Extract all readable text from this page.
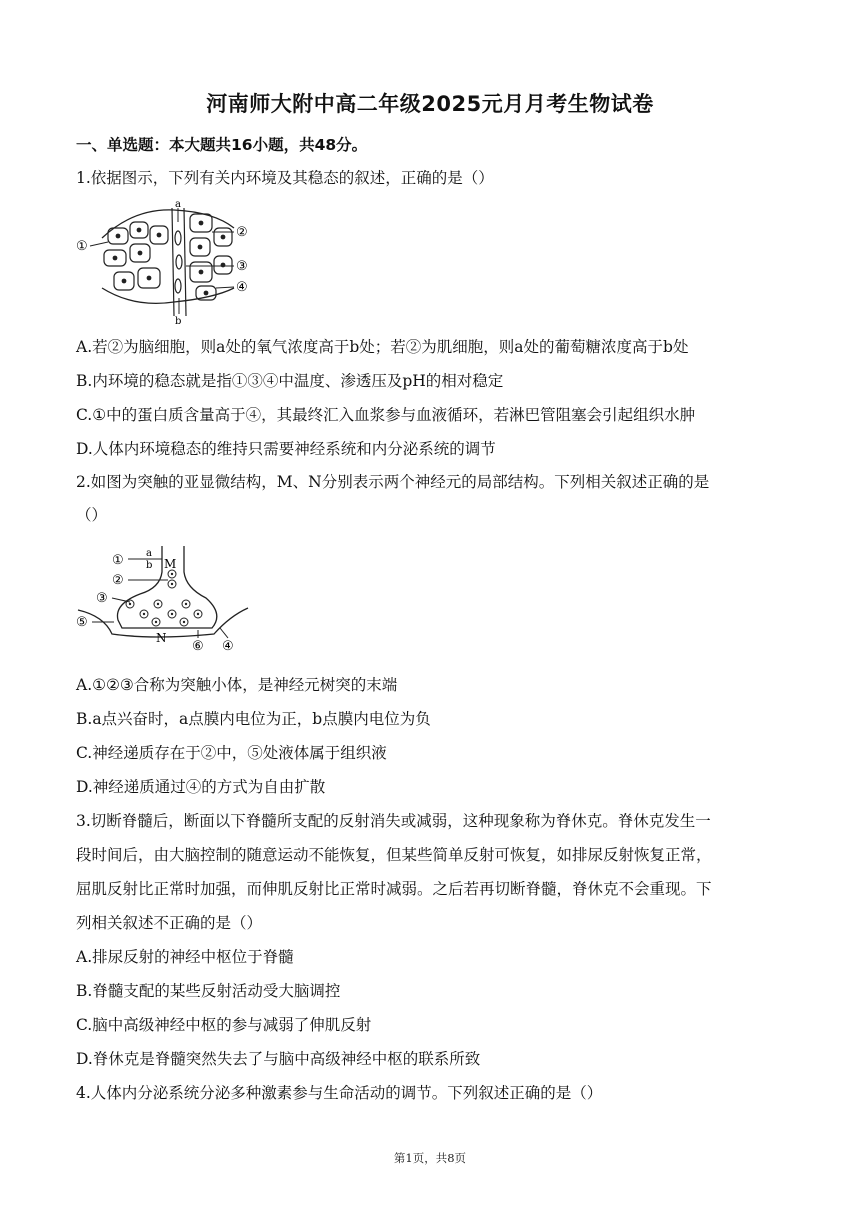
河南师大附中高二年级2025元月月考生物试卷
一、单选题：本大题共16小题，共48分。
1.依据图示，下列有关内环境及其稳态的叙述，正确的是（）
①
②
③
④
a
b
A.若②为脑细胞，则a处的氧气浓度高于b处；若②为肌细胞，则a处的葡萄糖浓度高于b处
B.内环境的稳态就是指①③④中温度、渗透压及pH的相对稳定
C.①中的蛋白质含量高于④，其最终汇入血浆参与血液循环，若淋巴管阻塞会引起组织水肿
D.人体内环境稳态的维持只需要神经系统和内分泌系统的调节
2.如图为突触的亚显微结构，M、N分别表示两个神经元的局部结构。下列相关叙述正确的是
（）
① a
b M
②
③
⑤
N
⑥ ④
A.①②③合称为突触小体，是神经元树突的末端
B.a点兴奋时，a点膜内电位为正，b点膜内电位为负
C.神经递质存在于②中，⑤处液体属于组织液
D.神经递质通过④的方式为自由扩散
3.切断脊髓后，断面以下脊髓所支配的反射消失或减弱，这种现象称为脊休克。脊休克发生一
段时间后，由大脑控制的随意运动不能恢复，但某些简单反射可恢复，如排尿反射恢复正常，
屈肌反射比正常时加强，而伸肌反射比正常时减弱。之后若再切断脊髓，脊休克不会重现。下
列相关叙述不正确的是（）
A.排尿反射的神经中枢位于脊髓
B.脊髓支配的某些反射活动受大脑调控
C.脑中高级神经中枢的参与减弱了伸肌反射
D.脊休克是脊髓突然失去了与脑中高级神经中枢的联系所致
4.人体内分泌系统分泌多种激素参与生命活动的调节。下列叙述正确的是（）
第1页，共8页
